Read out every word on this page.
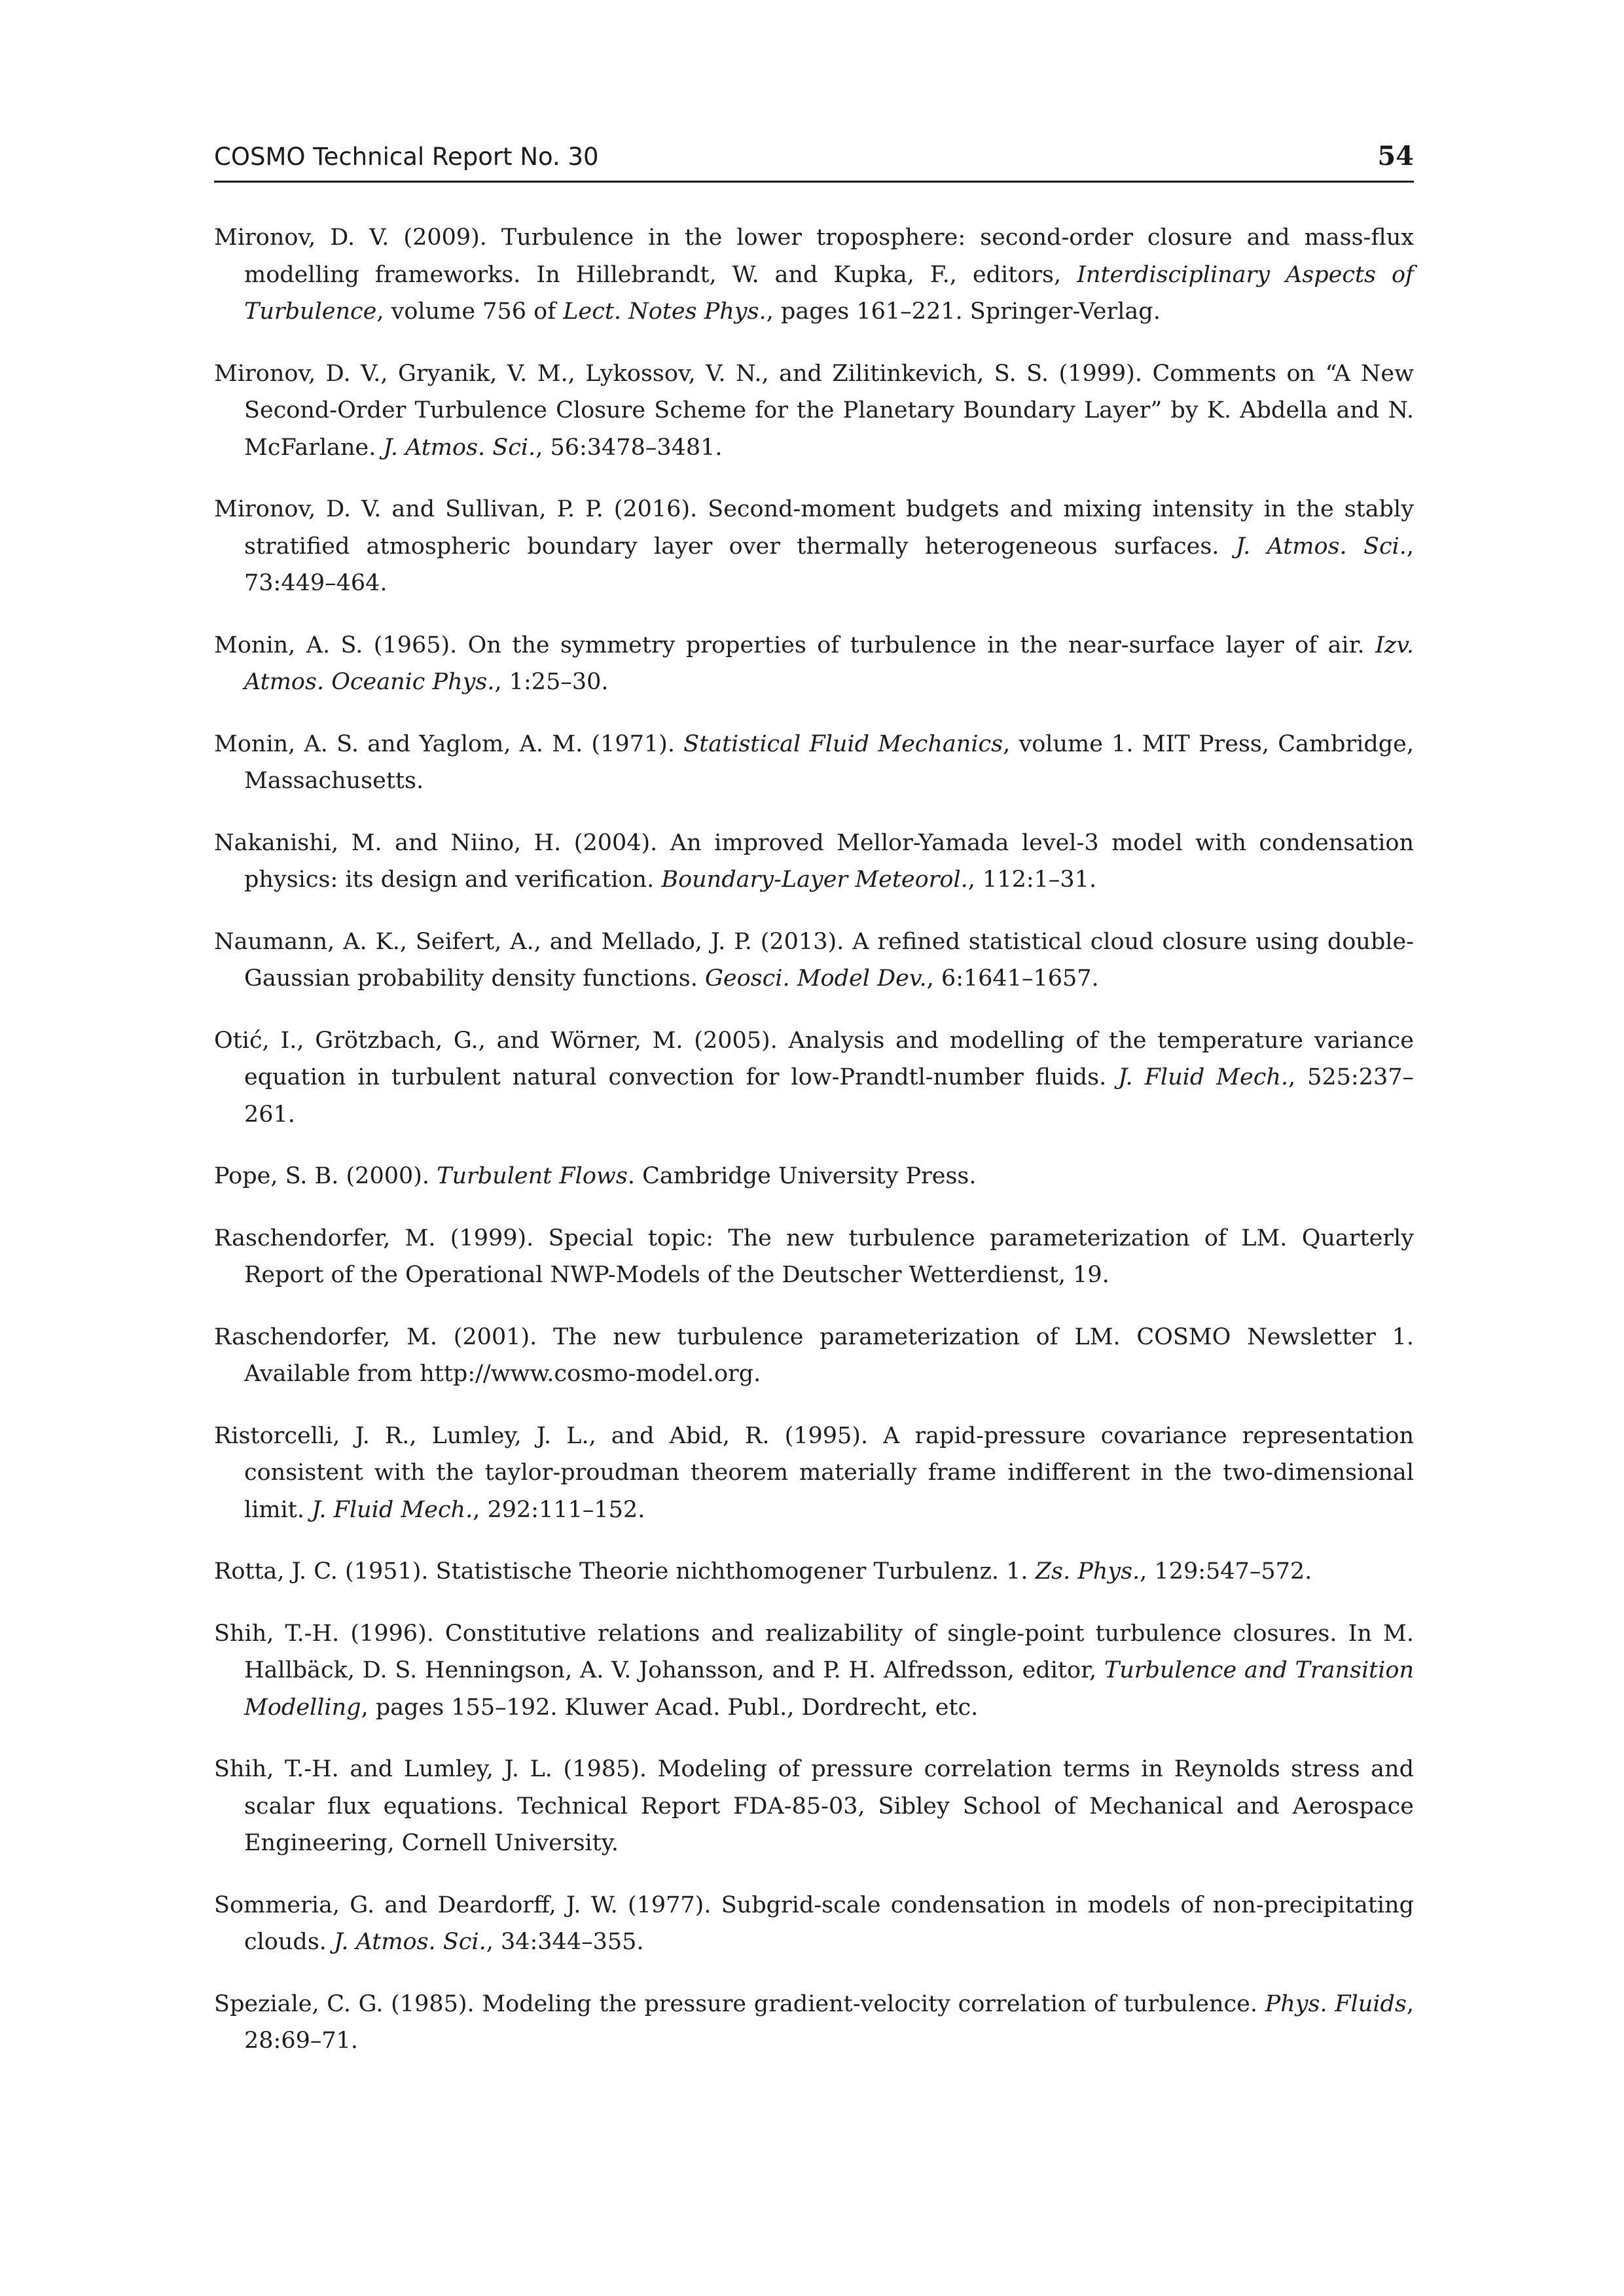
COSMO Technical Report No. 30	54

Mironov, D. V. (2009). Turbulence in the lower troposphere: second-order closure and mass-flux modelling frameworks. In Hillebrandt, W. and Kupka, F., editors, Interdisciplinary Aspects of Turbulence, volume 756 of Lect. Notes Phys., pages 161–221. Springer-Verlag.

Mironov, D. V., Gryanik, V. M., Lykossov, V. N., and Zilitinkevich, S. S. (1999). Comments on “A New Second-Order Turbulence Closure Scheme for the Planetary Boundary Layer” by K. Abdella and N. McFarlane. J. Atmos. Sci., 56:3478–3481.

Mironov, D. V. and Sullivan, P. P. (2016). Second-moment budgets and mixing intensity in the stably stratified atmospheric boundary layer over thermally heterogeneous surfaces. J. Atmos. Sci., 73:449–464.

Monin, A. S. (1965). On the symmetry properties of turbulence in the near-surface layer of air. Izv. Atmos. Oceanic Phys., 1:25–30.

Monin, A. S. and Yaglom, A. M. (1971). Statistical Fluid Mechanics, volume 1. MIT Press, Cambridge, Massachusetts.

Nakanishi, M. and Niino, H. (2004). An improved Mellor-Yamada level-3 model with condensation physics: its design and verification. Boundary-Layer Meteorol., 112:1–31.

Naumann, A. K., Seifert, A., and Mellado, J. P. (2013). A refined statistical cloud closure using double-Gaussian probability density functions. Geosci. Model Dev., 6:1641–1657.

Otić, I., Grötzbach, G., and Wörner, M. (2005). Analysis and modelling of the temperature variance equation in turbulent natural convection for low-Prandtl-number fluids. J. Fluid Mech., 525:237–261.

Pope, S. B. (2000). Turbulent Flows. Cambridge University Press.

Raschendorfer, M. (1999). Special topic: The new turbulence parameterization of LM. Quarterly Report of the Operational NWP-Models of the Deutscher Wetterdienst, 19.

Raschendorfer, M. (2001). The new turbulence parameterization of LM. COSMO Newsletter 1. Available from http://www.cosmo-model.org.

Ristorcelli, J. R., Lumley, J. L., and Abid, R. (1995). A rapid-pressure covariance representation consistent with the taylor-proudman theorem materially frame indifferent in the two-dimensional limit. J. Fluid Mech., 292:111–152.

Rotta, J. C. (1951). Statistische Theorie nichthomogener Turbulenz. 1. Zs. Phys., 129:547–572.

Shih, T.-H. (1996). Constitutive relations and realizability of single-point turbulence closures. In M. Hallbäck, D. S. Henningson, A. V. Johansson, and P. H. Alfredsson, editor, Turbulence and Transition Modelling, pages 155–192. Kluwer Acad. Publ., Dordrecht, etc.

Shih, T.-H. and Lumley, J. L. (1985). Modeling of pressure correlation terms in Reynolds stress and scalar flux equations. Technical Report FDA-85-03, Sibley School of Mechanical and Aerospace Engineering, Cornell University.

Sommeria, G. and Deardorff, J. W. (1977). Subgrid-scale condensation in models of non-precipitating clouds. J. Atmos. Sci., 34:344–355.

Speziale, C. G. (1985). Modeling the pressure gradient-velocity correlation of turbulence. Phys. Fluids, 28:69–71.
